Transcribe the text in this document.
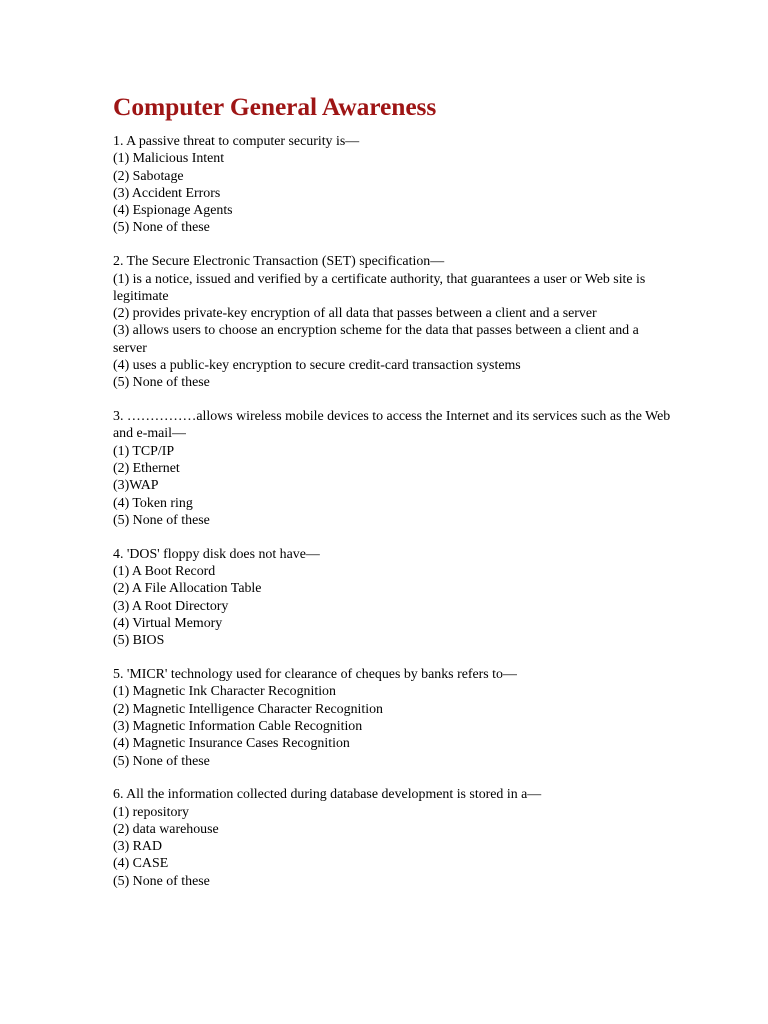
Computer General Awareness
1. A passive threat to computer security is—
(1) Malicious Intent
(2) Sabotage
(3) Accident Errors
(4) Espionage Agents
(5) None of these
2. The Secure Electronic Transaction (SET) specification—
(1) is a notice, issued and verified by a certificate authority, that guarantees a user or Web site is legitimate
(2) provides private-key encryption of all data that passes between a client and a server
(3) allows users to choose an encryption scheme for the data that passes between a client and a server
(4) uses a public-key encryption to secure credit-card transaction systems
(5) None of these
3. ……………allows wireless mobile devices to access the Internet and its services such as the Web and e-mail—
(1) TCP/IP
(2) Ethernet
(3)WAP
(4) Token ring
(5) None of these
4. 'DOS' floppy disk does not have—
(1) A Boot Record
(2) A File Allocation Table
(3) A Root Directory
(4) Virtual Memory
(5) BIOS
5. 'MICR' technology used for clearance of cheques by banks refers to—
(1) Magnetic Ink Character Recognition
(2) Magnetic Intelligence Character Recognition
(3) Magnetic Information Cable Recognition
(4) Magnetic Insurance Cases Recognition
(5) None of these
6. All the information collected during database development is stored in a—
(1) repository
(2) data warehouse
(3) RAD
(4) CASE
(5) None of these
